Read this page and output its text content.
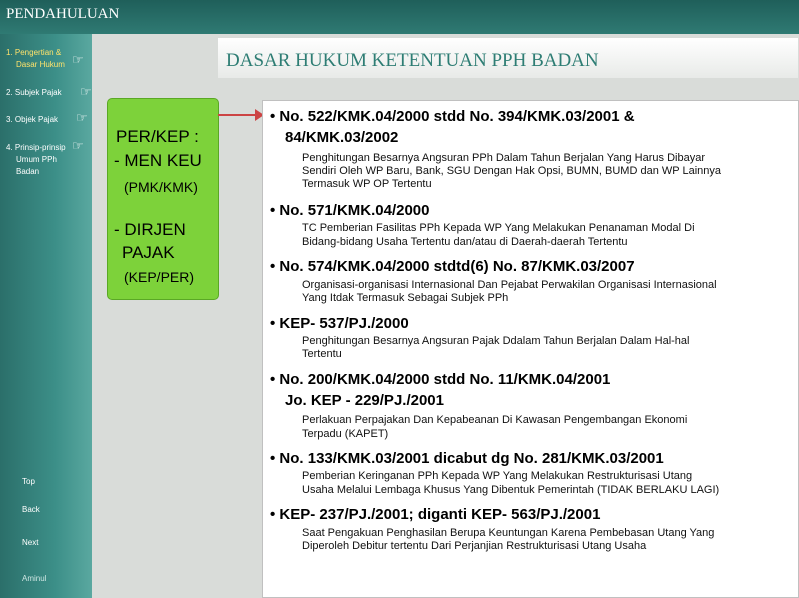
PENDAHULUAN
DASAR HUKUM KETENTUAN PPH BADAN
1. Pengertian &
Dasar Hukum ☞
2. Subjek Pajak ☞
3. Objek Pajak ☞
4. Prinsip-prinsip
Umum PPh
Badan
☞ PER/KEP :
- MEN KEU
(PMK/KMK)
- DIRJEN
PAJAK
(KEP/PER)
• No. 522/KMK.04/2000 stdd No. 394/KMK.03/2001 &
84/KMK.03/2002
Penghitungan Besarnya Angsuran PPh Dalam Tahun Berjalan Yang Harus Dibayar
Sendiri Oleh WP Baru, Bank, SGU Dengan Hak Opsi, BUMN, BUMD dan WP Lainnya
Termasuk WP OP Tertentu
• No. 571/KMK.04/2000
TC Pemberian Fasilitas PPh Kepada WP Yang Melakukan Penanaman Modal Di
Bidang-bidang Usaha Tertentu dan/atau di Daerah-daerah Tertentu
• No. 574/KMK.04/2000 stdtd(6) No. 87/KMK.03/2007
Organisasi-organisasi Internasional Dan Pejabat Perwakilan Organisasi Internasional
Yang Itdak Termasuk Sebagai Subjek PPh
• KEP- 537/PJ./2000
Penghitungan Besarnya Angsuran Pajak Ddalam Tahun Berjalan Dalam Hal-hal
Tertentu
• No. 200/KMK.04/2000 stdd No. 11/KMK.04/2001
Jo. KEP - 229/PJ./2001
Perlakuan Perpajakan Dan Kepabeanan Di Kawasan Pengembangan Ekonomi
Terpadu (KAPET)
• No. 133/KMK.03/2001 dicabut dg No. 281/KMK.03/2001
Pemberian Keringanan PPh Kepada WP Yang Melakukan Restrukturisasi Utang
Usaha Melalui Lembaga Khusus Yang Dibentuk Pemerintah (TIDAK BERLAKU LAGI)
• KEP- 237/PJ./2001; diganti KEP- 563/PJ./2001
Saat Pengakuan Penghasilan Berupa Keuntungan Karena Pembebasan Utang Yang
Diperoleh Debitur tertentu Dari Perjanjian Restrukturisasi Utang Usaha
Top
Back
Next
Aminul
